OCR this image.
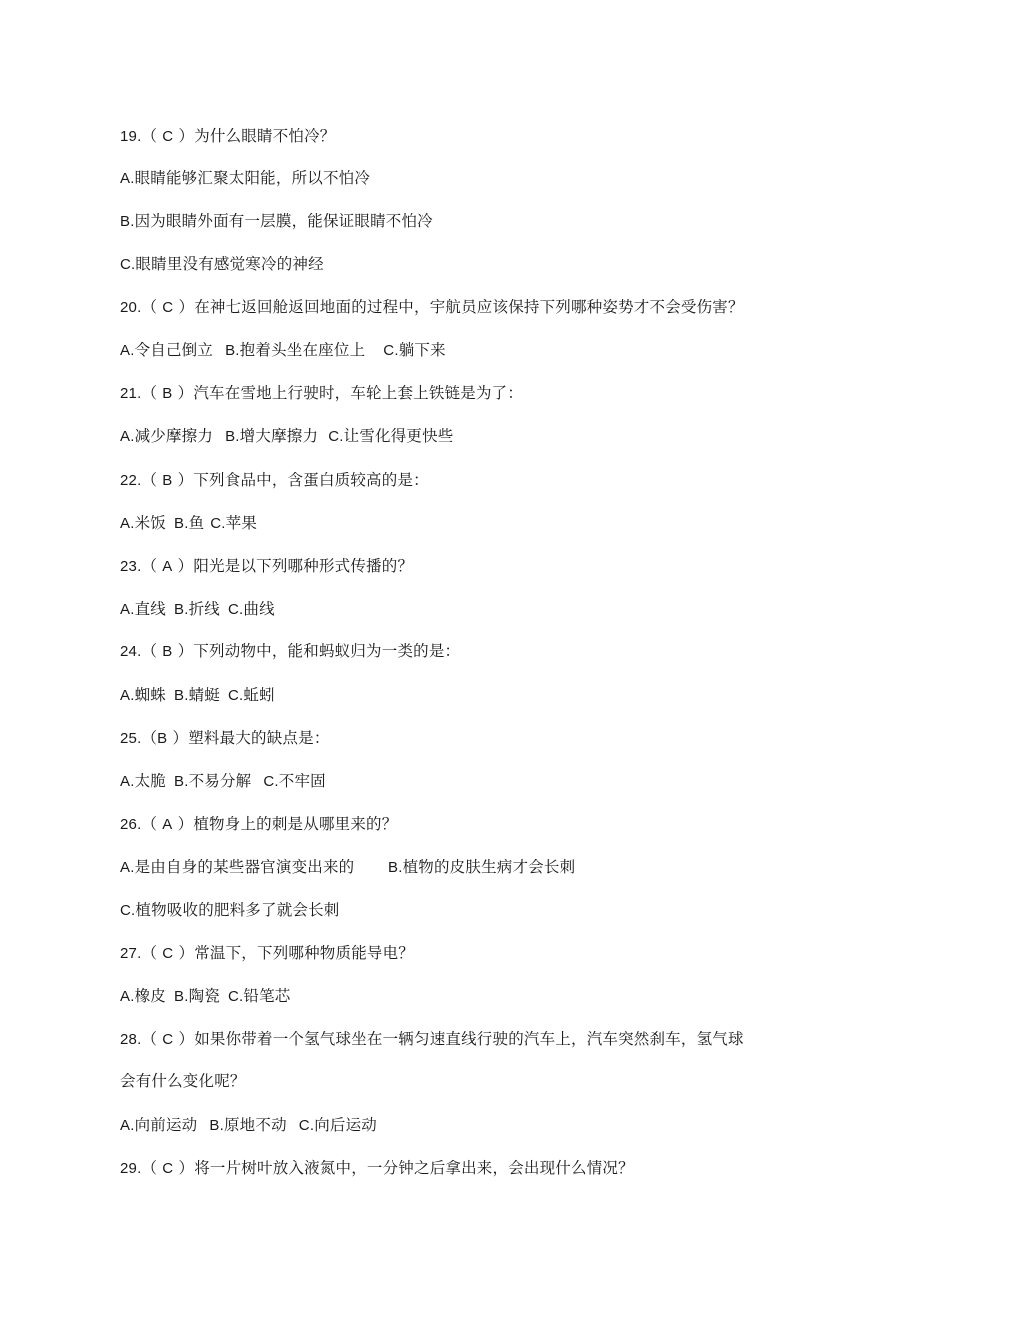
19.（ C ）为什么眼睛不怕冷？
A.眼睛能够汇聚太阳能，所以不怕冷
B.因为眼睛外面有一层膜，能保证眼睛不怕冷
C.眼睛里没有感觉寒冷的神经
20.（ C ）在神七返回舱返回地面的过程中，宇航员应该保持下列哪种姿势才不会受伤害？
A.令自己倒立 B.抱着头坐在座位上 C.躺下来
21.（ B ）汽车在雪地上行驶时，车轮上套上铁链是为了：
A.减少摩擦力 B.增大摩擦力 C.让雪化得更快些
22.（ B ）下列食品中，含蛋白质较高的是：
A.米饭 B.鱼 C.苹果
23.（ A ）阳光是以下列哪种形式传播的？
A.直线 B.折线 C.曲线
24.（ B ）下列动物中，能和蚂蚁归为一类的是：
A.蜘蛛 B.蜻蜓 C.蚯蚓
25.（B ）塑料最大的缺点是：
A.太脆 B.不易分解 C.不牢固
26.（ A ）植物身上的刺是从哪里来的？
A.是由自身的某些器官演变出来的 B.植物的皮肤生病才会长刺
C.植物吸收的肥料多了就会长刺
27.（ C ）常温下，下列哪种物质能导电？
A.橡皮 B.陶瓷 C.铅笔芯
28.（ C ）如果你带着一个氢气球坐在一辆匀速直线行驶的汽车上，汽车突然刹车，氢气球
会有什么变化呢？
A.向前运动 B.原地不动 C.向后运动
29.（ C ）将一片树叶放入液氮中，一分钟之后拿出来，会出现什么情况？
